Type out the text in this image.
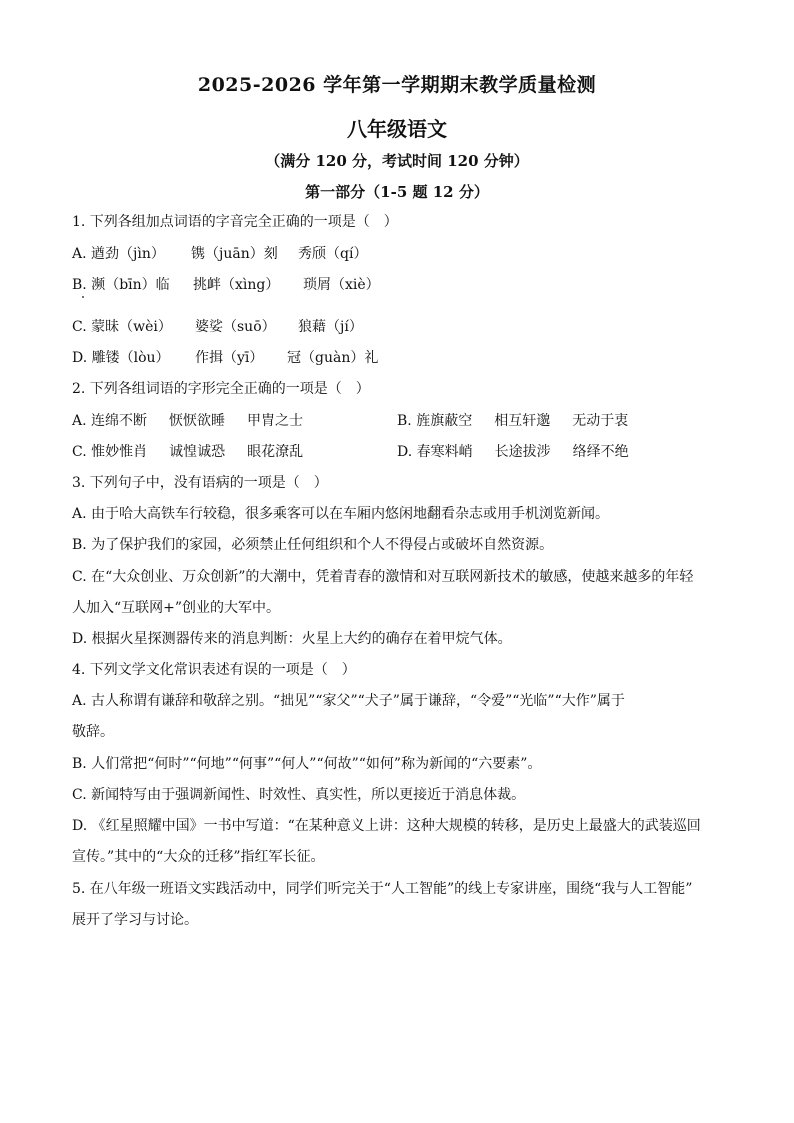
2025-2026 学年第一学期期末教学质量检测
八年级语文
（满分 120 分，考试时间 120 分钟）
第一部分（1-5 题 12 分）
1. 下列各组加点词语的字音完全正确的一项是（　）
A. 遒劲（jìn） 镌（juān）刻 秀颀（qí）
B. 濒（bīn）临 挑衅（xìng） 琐屑（xiè）
C. 蒙昧（wèi） 婆娑（suō） 狼藉（jí）
D. 雕镂（lòu） 作揖（yī） 冠（guàn）礼
2. 下列各组词语的字形完全正确的一项是（　）
A. 连绵不断 恹恹欲睡 甲胄之士	B. 旌旗蔽空 相互轩邈 无动于衷
C. 惟妙惟肖 诚惶诚恐 眼花潦乱	D. 春寒料峭 长途拔涉 络绎不绝
3. 下列句子中，没有语病的一项是（　）
A. 由于哈大高铁车行较稳，很多乘客可以在车厢内悠闲地翻看杂志或用手机浏览新闻。
B. 为了保护我们的家园，必须禁止任何组织和个人不得侵占或破坏自然资源。
C. 在“大众创业、万众创新”的大潮中，凭着青春的激情和对互联网新技术的敏感，使越来越多的年轻
人加入“互联网+”创业的大军中。
D. 根据火星探测器传来的消息判断：火星上大约的确存在着甲烷气体。
4. 下列文学文化常识表述有误的一项是（　）
A. 古人称谓有谦辞和敬辞之别。“拙见”“家父”“犬子”属于谦辞，“令爱”“光临”“大作”属于
敬辞。
B. 人们常把“何时”“何地”“何事”“何人”“何故”“如何”称为新闻的“六要素”。
C. 新闻特写由于强调新闻性、时效性、真实性，所以更接近于消息体裁。
D. 《红星照耀中国》一书中写道：“在某种意义上讲：这种大规模的转移，是历史上最盛大的武装巡回
宣传。”其中的“大众的迁移”指红军长征。
5. 在八年级一班语文实践活动中，同学们听完关于“人工智能”的线上专家讲座，围绕“我与人工智能”
展开了学习与讨论。
